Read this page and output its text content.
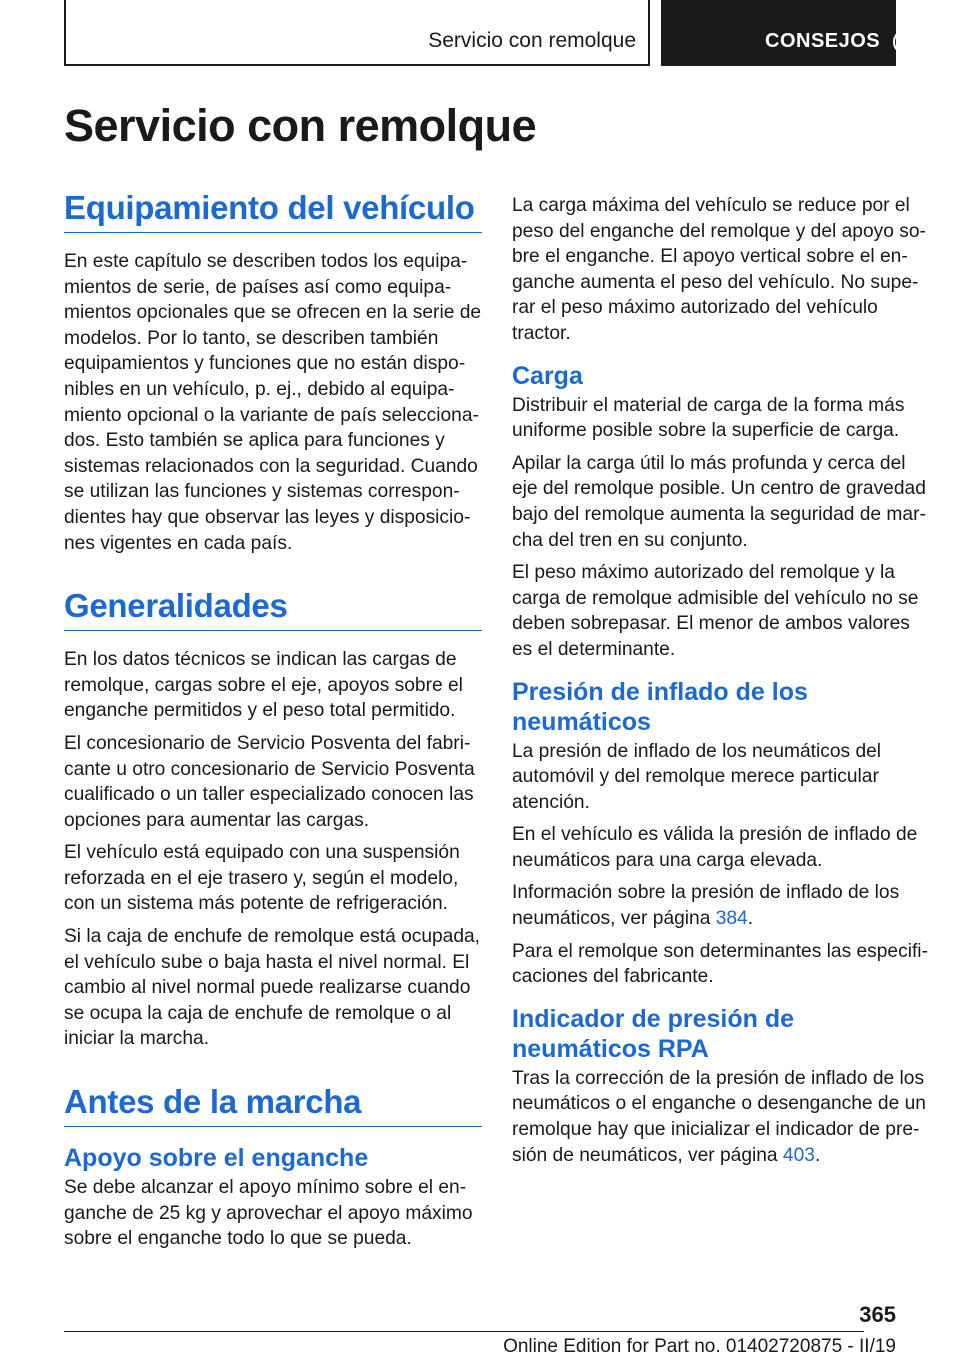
Servicio con remolque	CONSEJOS	i
Servicio con remolque
Equipamiento del vehículo

En este capítulo se describen todos los equipamientos de serie, de países así como equipamientos opcionales que se ofrecen en la serie de modelos. Por lo tanto, se describen también equipamientos y funciones que no están disponibles en un vehículo, p. ej., debido al equipamiento opcional o la variante de país seleccionados. Esto también se aplica para funciones y sistemas relacionados con la seguridad. Cuando se utilizan las funciones y sistemas correspondientes hay que observar las leyes y disposiciones vigentes en cada país.

Generalidades

En los datos técnicos se indican las cargas de remolque, cargas sobre el eje, apoyos sobre el enganche permitidos y el peso total permitido.

El concesionario de Servicio Posventa del fabricante u otro concesionario de Servicio Posventa cualificado o un taller especializado conocen las opciones para aumentar las cargas.

El vehículo está equipado con una suspensión reforzada en el eje trasero y, según el modelo, con un sistema más potente de refrigeración.

Si la caja de enchufe de remolque está ocupada, el vehículo sube o baja hasta el nivel normal. El cambio al nivel normal puede realizarse cuando se ocupa la caja de enchufe de remolque o al iniciar la marcha.

Antes de la marcha
Apoyo sobre el enganche

Se debe alcanzar el apoyo mínimo sobre el enganche de 25 kg y aprovechar el apoyo máximo sobre el enganche todo lo que se pueda.

La carga máxima del vehículo se reduce por el peso del enganche del remolque y del apoyo sobre el enganche. El apoyo vertical sobre el enganche aumenta el peso del vehículo. No superar el peso máximo autorizado del vehículo tractor.

Carga

Distribuir el material de carga de la forma más uniforme posible sobre la superficie de carga.

Apilar la carga útil lo más profunda y cerca del eje del remolque posible. Un centro de gravedad bajo del remolque aumenta la seguridad de marcha del tren en su conjunto.

El peso máximo autorizado del remolque y la carga de remolque admisible del vehículo no se deben sobrepasar. El menor de ambos valores es el determinante.

Presión de inflado de los neumáticos

La presión de inflado de los neumáticos del automóvil y del remolque merece particular atención.

En el vehículo es válida la presión de inflado de neumáticos para una carga elevada.

Información sobre la presión de inflado de los neumáticos, ver página 384.

Para el remolque son determinantes las especificaciones del fabricante.

Indicador de presión de neumáticos RPA

Tras la corrección de la presión de inflado de los neumáticos o el enganche o desenganche de un remolque hay que inicializar el indicador de presión de neumáticos, ver página 403.

365
Online Edition for Part no. 01402720875 - II/19
